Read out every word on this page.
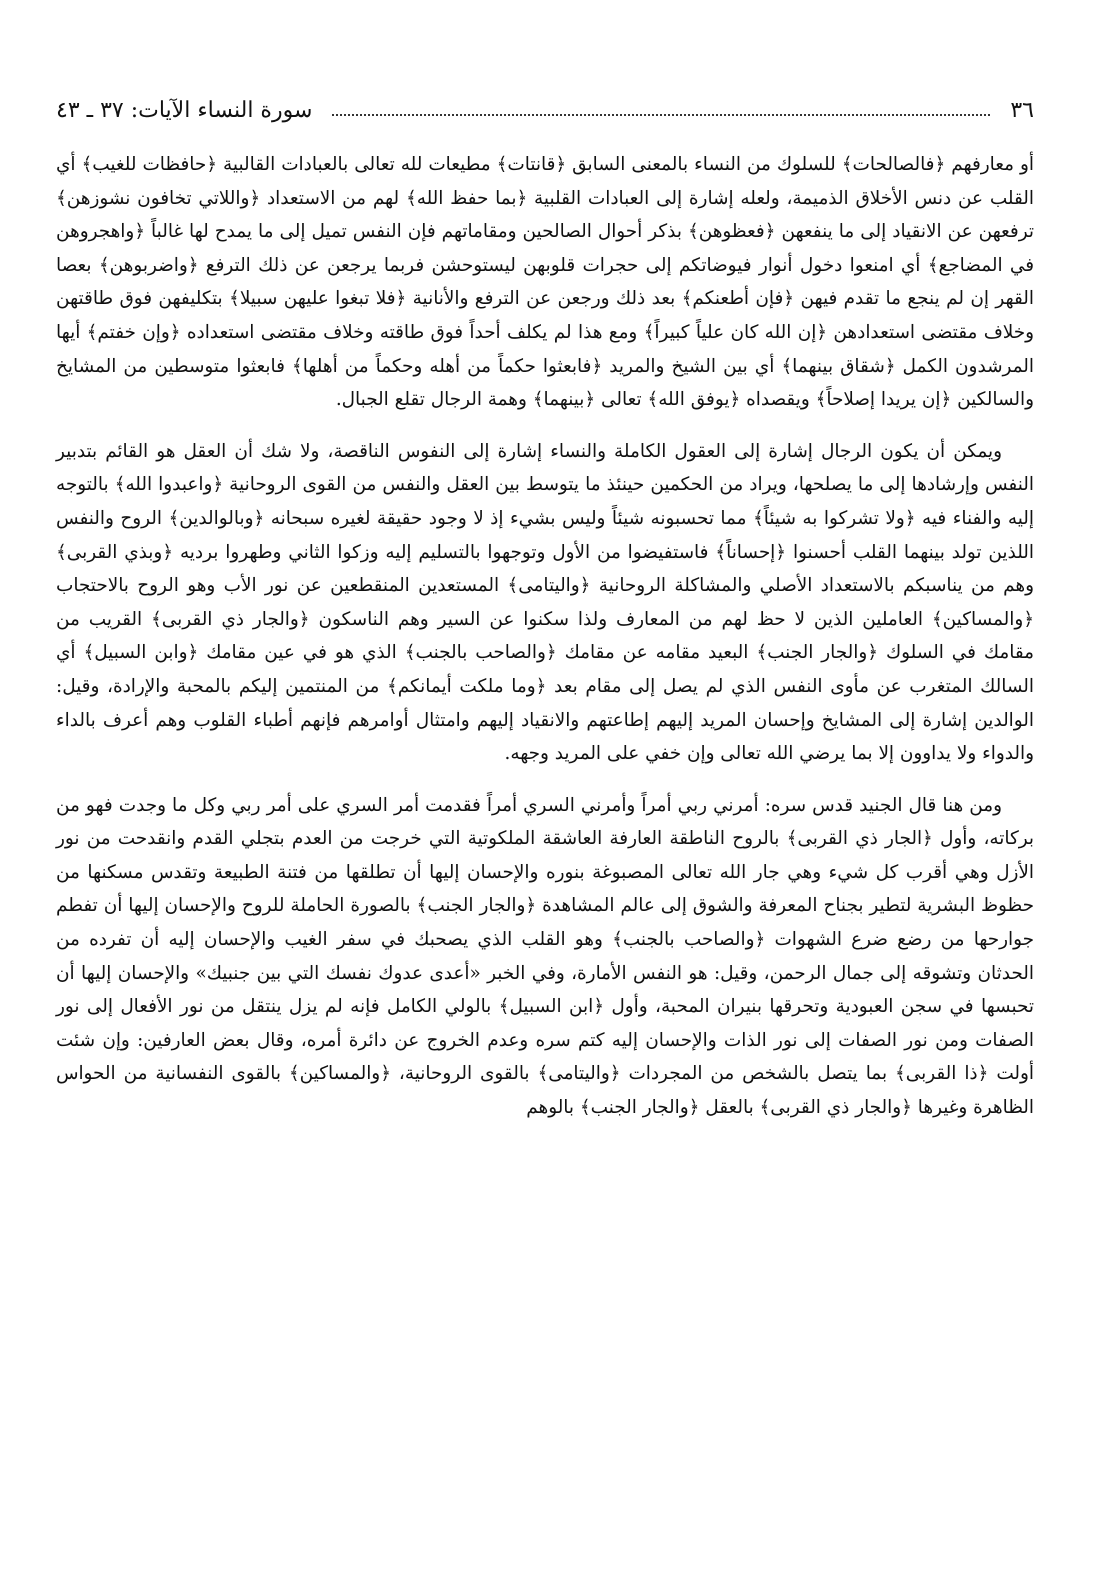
٣٦
سورة النساء الآيات: ٣٧ ـ ٤٣

أو معارفهم ﴿فالصالحات﴾ للسلوك من النساء بالمعنى السابق ﴿قانتات﴾ مطيعات لله تعالى بالعبادات القالبية ﴿حافظات للغيب﴾ أي القلب عن دنس الأخلاق الذميمة، ولعله إشارة إلى العبادات القلبية ﴿بما حفظ الله﴾ لهم من الاستعداد ﴿واللاتي تخافون نشوزهن﴾ ترفعهن عن الانقياد إلى ما ينفعهن ﴿فعظوهن﴾ بذكر أحوال الصالحين ومقاماتهم فإن النفس تميل إلى ما يمدح لها غالباً ﴿واهجروهن في المضاجع﴾ أي امنعوا دخول أنوار فيوضاتكم إلى حجرات قلوبهن ليستوحشن فربما يرجعن عن ذلك الترفع ﴿واضربوهن﴾ بعصا القهر إن لم ينجع ما تقدم فيهن ﴿فإن أطعنكم﴾ بعد ذلك ورجعن عن الترفع والأنانية ﴿فلا تبغوا عليهن سبيلا﴾ بتكليفهن فوق طاقتهن وخلاف مقتضى استعدادهن ﴿إن الله كان علياً كبيراً﴾ ومع هذا لم يكلف أحداً فوق طاقته وخلاف مقتضى استعداده ﴿وإن خفتم﴾ أيها المرشدون الكمل ﴿شقاق بينهما﴾ أي بين الشيخ والمريد ﴿فابعثوا حكماً من أهله وحكماً من أهلها﴾ فابعثوا متوسطين من المشايخ والسالكين ﴿إن يريدا إصلاحاً﴾ ويقصداه ﴿يوفق الله﴾ تعالى ﴿بينهما﴾ وهمة الرجال تقلع الجبال.

ويمكن أن يكون الرجال إشارة إلى العقول الكاملة والنساء إشارة إلى النفوس الناقصة، ولا شك أن العقل هو القائم بتدبير النفس وإرشادها إلى ما يصلحها، ويراد من الحكمين حينئذ ما يتوسط بين العقل والنفس من القوى الروحانية ﴿واعبدوا الله﴾ بالتوجه إليه والفناء فيه ﴿ولا تشركوا به شيئاً﴾ مما تحسبونه شيئاً وليس بشيء إذ لا وجود حقيقة لغيره سبحانه ﴿وبالوالدين﴾ الروح والنفس اللذين تولد بينهما القلب أحسنوا ﴿إحساناً﴾ فاستفيضوا من الأول وتوجهوا بالتسليم إليه وزكوا الثاني وطهروا برديه ﴿وبذي القربى﴾ وهم من يناسبكم بالاستعداد الأصلي والمشاكلة الروحانية ﴿واليتامى﴾ المستعدين المنقطعين عن نور الأب وهو الروح بالاحتجاب ﴿والمساكين﴾ العاملين الذين لا حظ لهم من المعارف ولذا سكنوا عن السير وهم الناسكون ﴿والجار ذي القربى﴾ القريب من مقامك في السلوك ﴿والجار الجنب﴾ البعيد مقامه عن مقامك ﴿والصاحب بالجنب﴾ الذي هو في عين مقامك ﴿وابن السبيل﴾ أي السالك المتغرب عن مأوى النفس الذي لم يصل إلى مقام بعد ﴿وما ملكت أيمانكم﴾ من المنتمين إليكم بالمحبة والإرادة، وقيل: الوالدين إشارة إلى المشايخ وإحسان المريد إليهم إطاعتهم والانقياد إليهم وامتثال أوامرهم فإنهم أطباء القلوب وهم أعرف بالداء والدواء ولا يداوون إلا بما يرضي الله تعالى وإن خفي على المريد وجهه.

ومن هنا قال الجنيد قدس سره: أمرني ربي أمراً وأمرني السري أمراً فقدمت أمر السري على أمر ربي وكل ما وجدت فهو من بركاته، وأول ﴿الجار ذي القربى﴾ بالروح الناطقة العارفة العاشقة الملكوتية التي خرجت من العدم بتجلي القدم وانقدحت من نور الأزل وهي أقرب كل شيء وهي جار الله تعالى المصبوغة بنوره والإحسان إليها أن تطلقها من فتنة الطبيعة وتقدس مسكنها من حظوظ البشرية لتطير بجناح المعرفة والشوق إلى عالم المشاهدة ﴿والجار الجنب﴾ بالصورة الحاملة للروح والإحسان إليها أن تفطم جوارحها من رضع ضرع الشهوات ﴿والصاحب بالجنب﴾ وهو القلب الذي يصحبك في سفر الغيب والإحسان إليه أن تفرده من الحدثان وتشوقه إلى جمال الرحمن، وقيل: هو النفس الأمارة، وفي الخبر «أعدى عدوك نفسك التي بين جنبيك» والإحسان إليها أن تحبسها في سجن العبودية وتحرقها بنيران المحبة، وأول ﴿ابن السبيل﴾ بالولي الكامل فإنه لم يزل ينتقل من نور الأفعال إلى نور الصفات ومن نور الصفات إلى نور الذات والإحسان إليه كتم سره وعدم الخروج عن دائرة أمره، وقال بعض العارفين: وإن شئت أولت ﴿ذا القربى﴾ بما يتصل بالشخص من المجردات ﴿واليتامى﴾ بالقوى الروحانية، ﴿والمساكين﴾ بالقوى النفسانية من الحواس الظاهرة وغيرها ﴿والجار ذي القربى﴾ بالعقل ﴿والجار الجنب﴾ بالوهم
